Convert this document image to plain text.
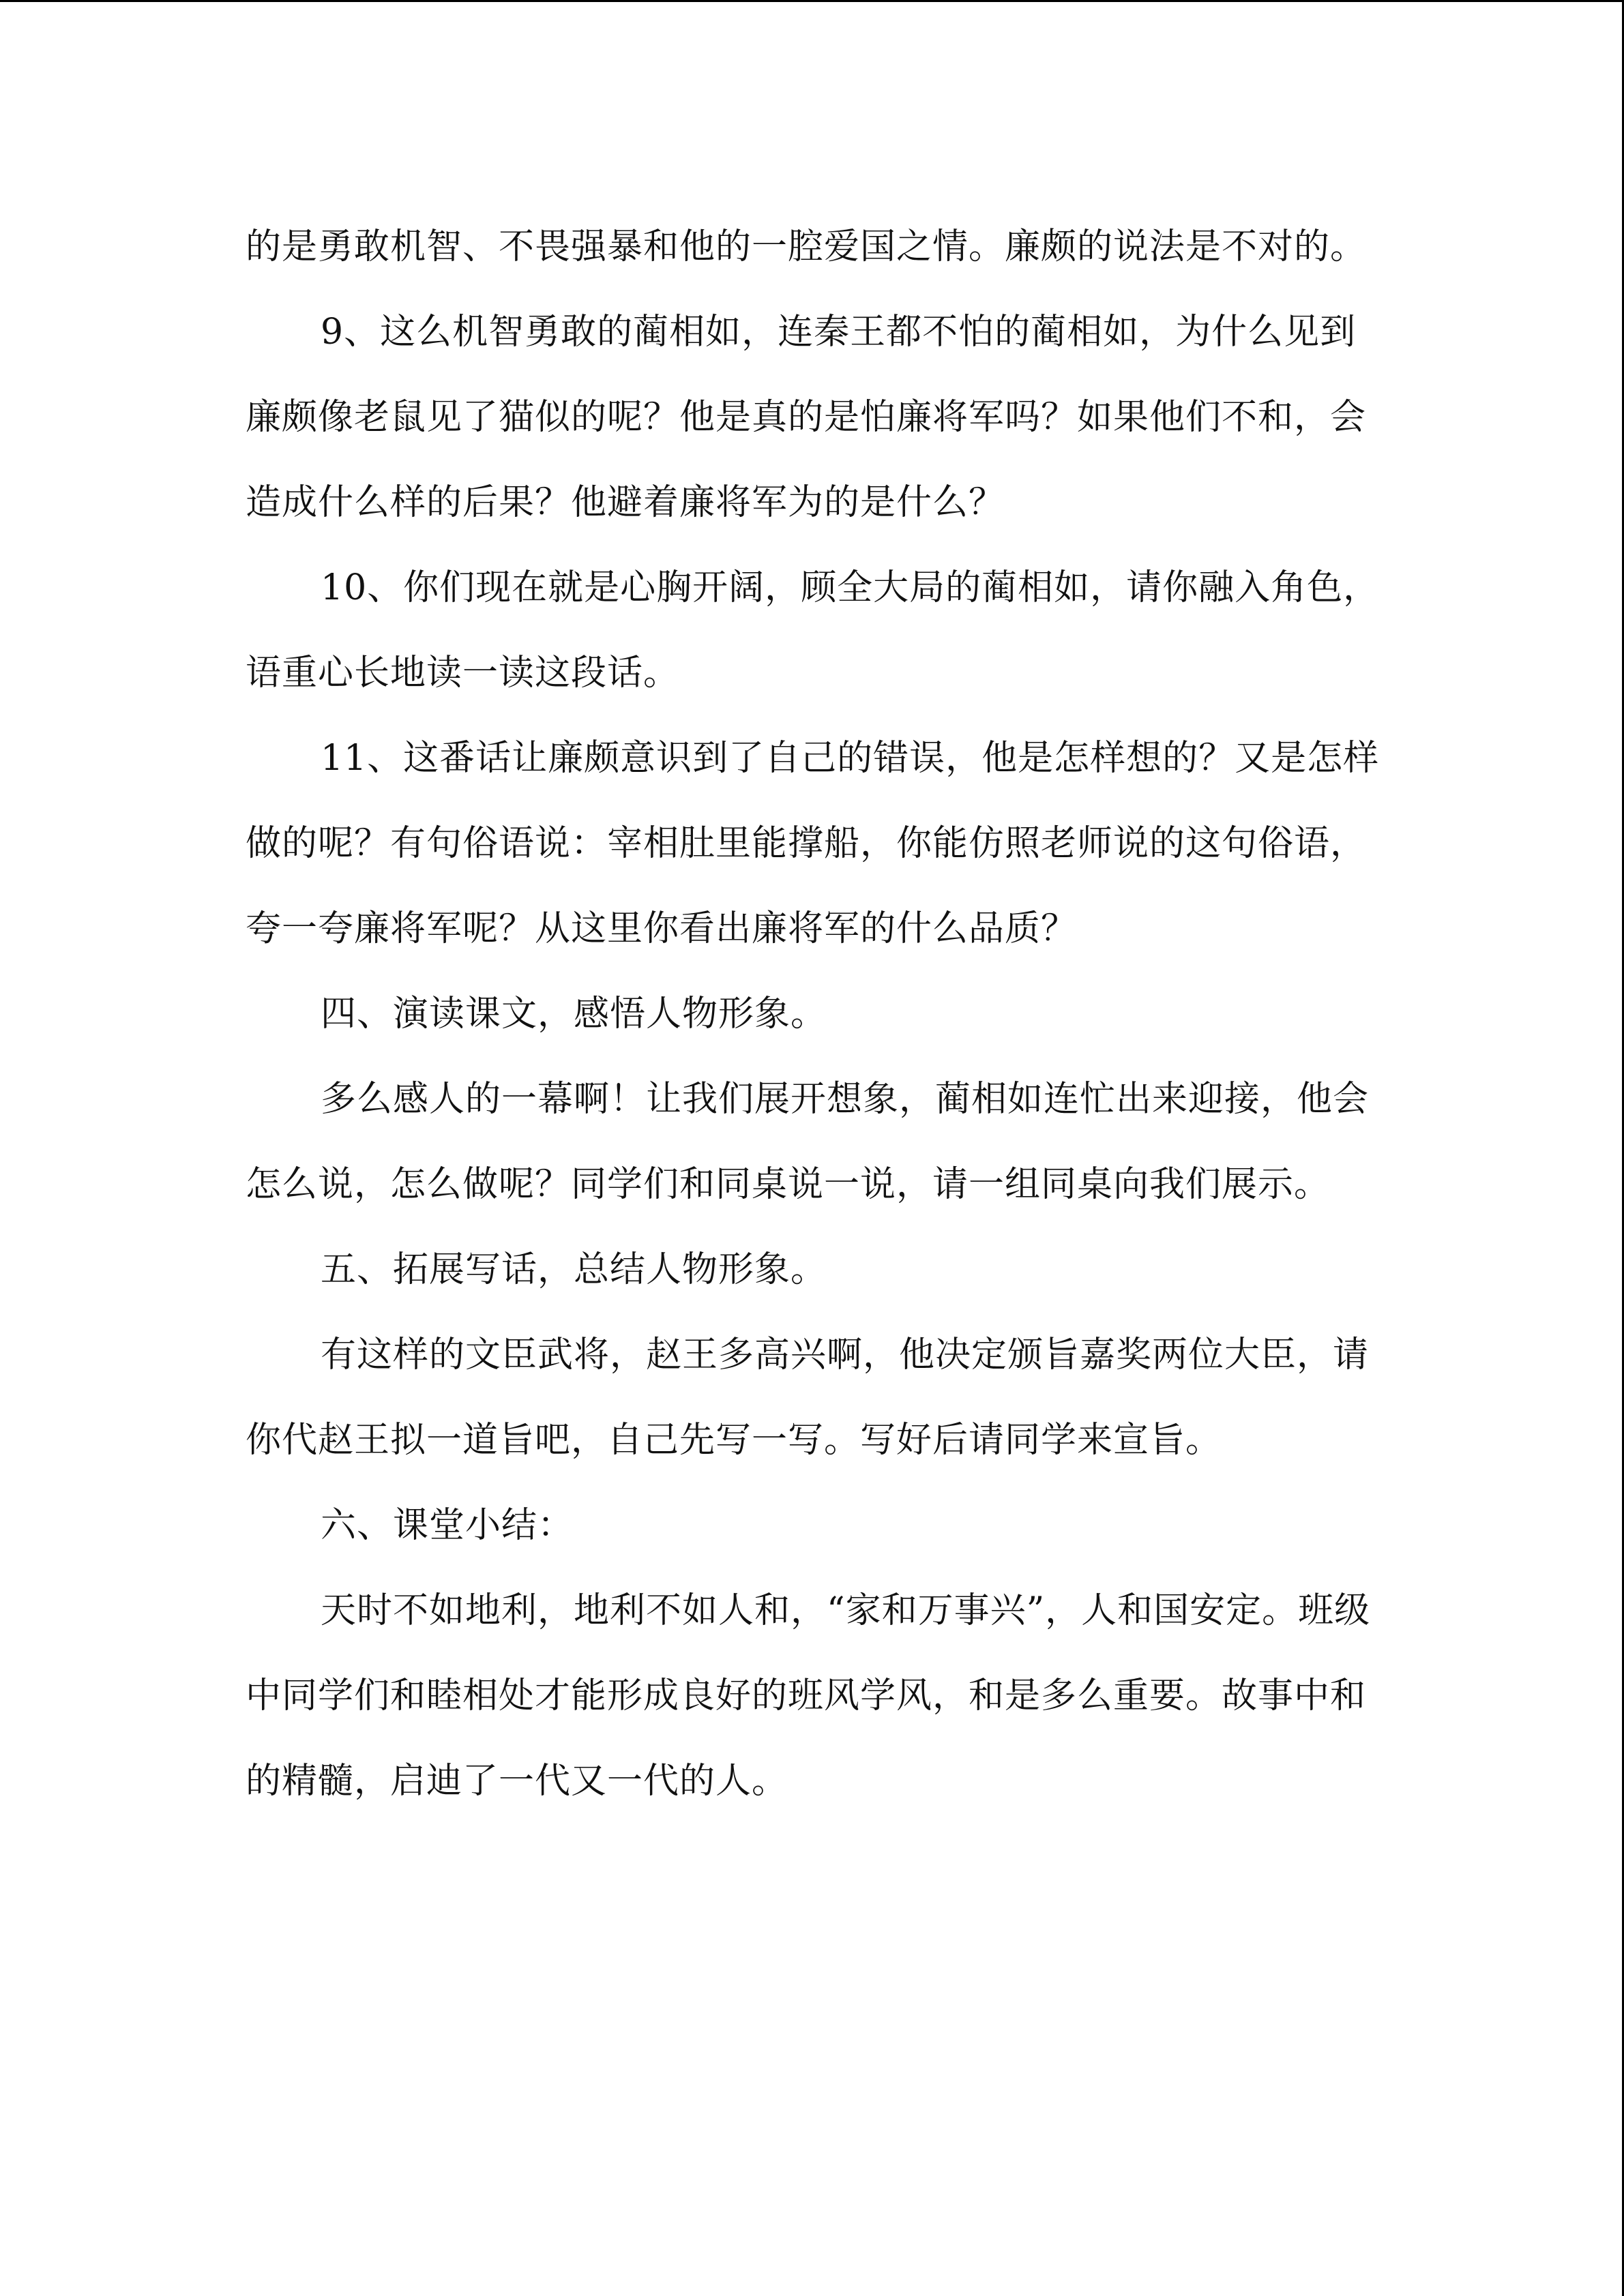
的是勇敢机智、不畏强暴和他的一腔爱国之情。廉颇的说法是不对的。

9、这么机智勇敢的蔺相如，连秦王都不怕的蔺相如，为什么见到廉颇像老鼠见了猫似的呢？他是真的是怕廉将军吗？如果他们不和，会造成什么样的后果？他避着廉将军为的是什么？

10、你们现在就是心胸开阔，顾全大局的蔺相如，请你融入角色，语重心长地读一读这段话。

11、这番话让廉颇意识到了自己的错误，他是怎样想的？又是怎样做的呢？有句俗语说：宰相肚里能撑船，你能仿照老师说的这句俗语，夸一夸廉将军呢？从这里你看出廉将军的什么品质？

四、演读课文，感悟人物形象。

多么感人的一幕啊！让我们展开想象，蔺相如连忙出来迎接，他会怎么说，怎么做呢？同学们和同桌说一说，请一组同桌向我们展示。

五、拓展写话，总结人物形象。

有这样的文臣武将，赵王多高兴啊，他决定颁旨嘉奖两位大臣，请你代赵王拟一道旨吧，自己先写一写。写好后请同学来宣旨。

六、课堂小结：

天时不如地利，地利不如人和，“家和万事兴”，人和国安定。班级中同学们和睦相处才能形成良好的班风学风，和是多么重要。故事中和的精髓，启迪了一代又一代的人。
